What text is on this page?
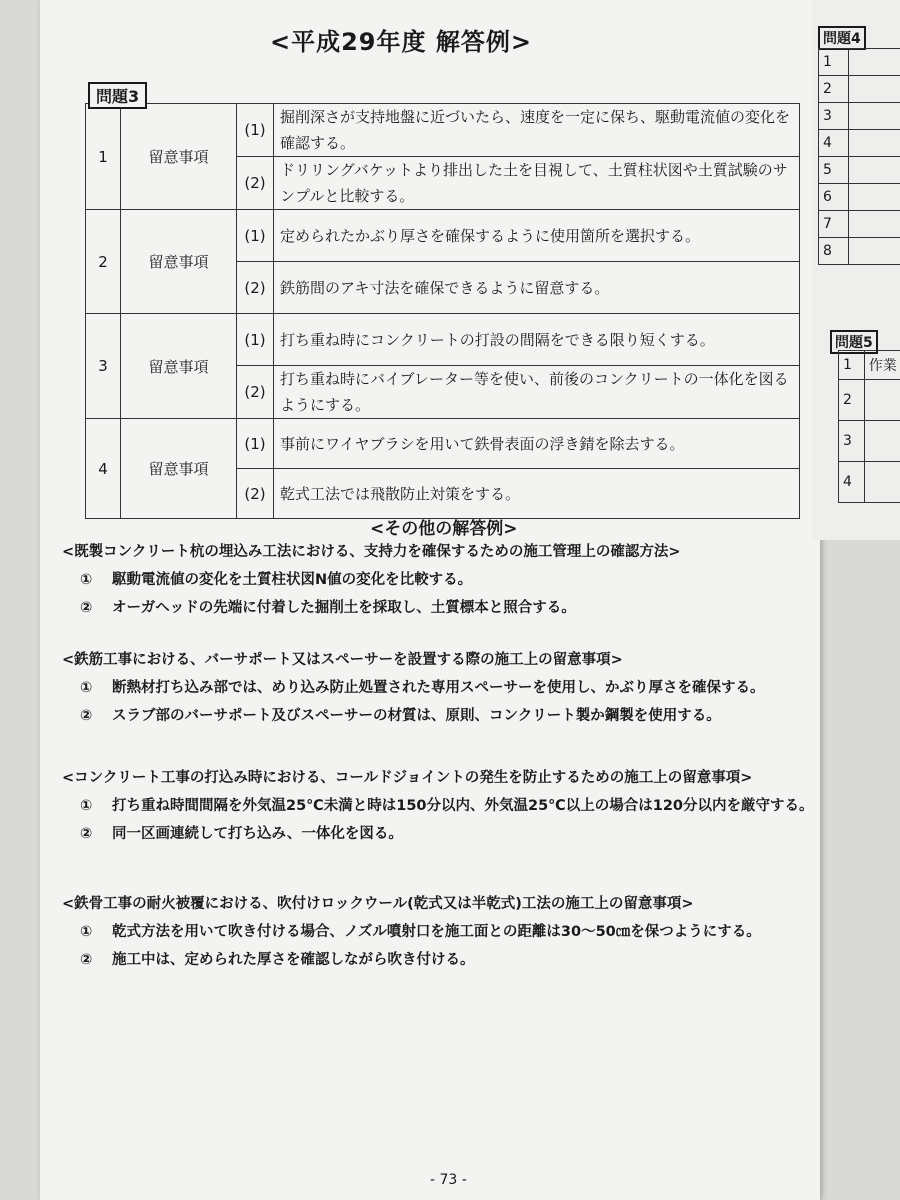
問題4
1	
2	
3	
4	
5	
6	
7	
8	
問題5
1	作業
2	
3	
4	
<平成29年度 解答例>
1	留意事項	(1)	掘削深さが支持地盤に近づいたら、速度を一定に保ち、駆動電流値の変化を確認する。
		(2)	ドリリングバケットより排出した土を目視して、土質柱状図や土質試験のサンプルと比較する。
2	留意事項	(1)	定められたかぶり厚さを確保するように使用箇所を選択する。
		(2)	鉄筋間のアキ寸法を確保できるように留意する。
3	留意事項	(1)	打ち重ね時にコンクリートの打設の間隔をできる限り短くする。
		(2)	打ち重ね時にバイブレーター等を使い、前後のコンクリートの一体化を図るようにする。
4	留意事項	(1)	事前にワイヤブラシを用いて鉄骨表面の浮き錆を除去する。
		(2)	乾式工法では飛散防止対策をする。
問題3
<その他の解答例>
<既製コンクリート杭の埋込み工法における、支持力を確保するための施工管理上の確認方法>
①	駆動電流値の変化を土質柱状図N値の変化を比較する。
②	オーガヘッドの先端に付着した掘削土を採取し、土質標本と照合する。
<鉄筋工事における、バーサポート又はスペーサーを設置する際の施工上の留意事項>
①	断熱材打ち込み部では、めり込み防止処置された専用スペーサーを使用し、かぶり厚さを確保する。
②	スラブ部のバーサポート及びスペーサーの材質は、原則、コンクリート製か鋼製を使用する。
<コンクリート工事の打込み時における、コールドジョイントの発生を防止するための施工上の留意事項>
①	打ち重ね時間間隔を外気温25℃未満と時は150分以内、外気温25℃以上の場合は120分以内を厳守する。
②	同一区画連続して打ち込み、一体化を図る。
<鉄骨工事の耐火被覆における、吹付けロックウール(乾式又は半乾式)工法の施工上の留意事項>
①	乾式方法を用いて吹き付ける場合、ノズル噴射口を施工面との距離は30～50㎝を保つようにする。
②	施工中は、定められた厚さを確認しながら吹き付ける。
- 73 -
